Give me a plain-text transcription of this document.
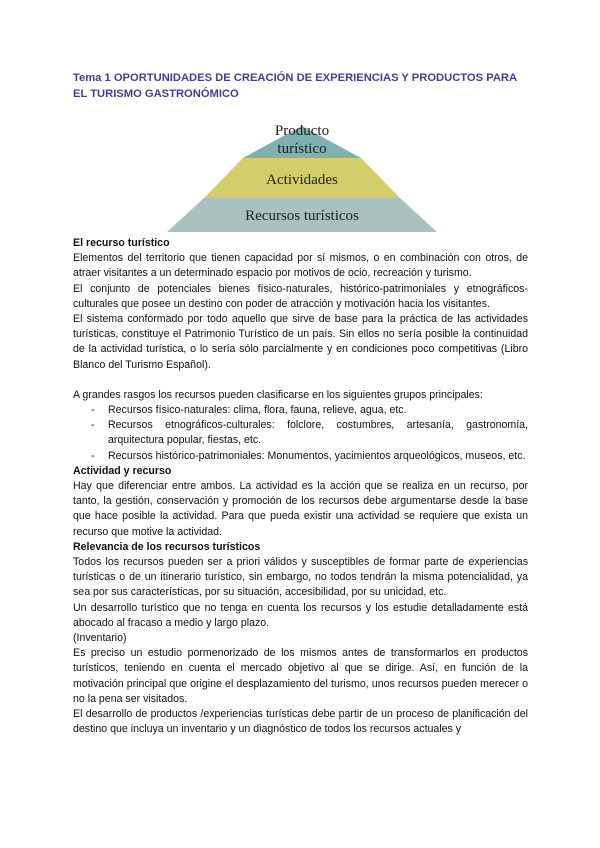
Tema 1 OPORTUNIDADES DE CREACIÓN DE EXPERIENCIAS Y PRODUCTOS PARA
EL TURISMO GASTRONÓMICO

Producto
turístico
Actividades
Recursos turísticos

El recurso turístico

Elementos del territorio que tienen capacidad por sí mismos, o en combinación con otros, de atraer visitantes a un determinado espacio por motivos de ocio, recreación y turismo.

El conjunto de potenciales bienes físico-naturales, histórico-patrimoniales y etnográficos-culturales que posee un destino con poder de atracción y motivación hacia los visitantes.

El sistema conformado por todo aquello que sirve de base para la práctica de las actividades turísticas, constituye el Patrimonio Turístico de un país. Sin ellos no sería posible la continuidad de la actividad turística, o lo sería sólo parcialmente y en condiciones poco competitivas (Libro Blanco del Turismo Español).

A grandes rasgos los recursos pueden clasificarse en los siguientes grupos principales:

- Recursos físico-naturales: clima, flora, fauna, relieve, agua, etc.
- Recursos etnográficos-culturales: folclore, costumbres, artesanía, gastronomía, arquitectura popular, fiestas, etc.
- Recursos histórico-patrimoniales: Monumentos, yacimientos arqueológicos, museos, etc.

Actividad y recurso

Hay que diferenciar entre ambos. La actividad es la acción que se realiza en un recurso, por tanto, la gestión, conservación y promoción de los recursos debe argumentarse desde la base que hace posible la actividad. Para que pueda existir una actividad se requiere que exista un recurso que motive la actividad.

Relevancia de los recursos turísticos

Todos los recursos pueden ser a priori válidos y susceptibles de formar parte de experiencias turísticas o de un itinerario turístico, sin embargo, no todos tendrán la misma potencialidad, ya sea por sus características, por su situación, accesibilidad, por su unicidad, etc.

Un desarrollo turístico que no tenga en cuenta los recursos y los estudie detalladamente está abocado al fracaso a medio y largo plazo.

(Inventario)

Es preciso un estudio pormenorizado de los mismos antes de transformarlos en productos turísticos, teniendo en cuenta el mercado objetivo al que se dirige. Así, en función de la motivación principal que origine el desplazamiento del turismo, unos recursos pueden merecer o no la pena ser visitados.

El desarrollo de productos /experiencias turísticas debe partir de un proceso de planificación del destino que incluya un inventario y un diagnóstico de todos los recursos actuales y
